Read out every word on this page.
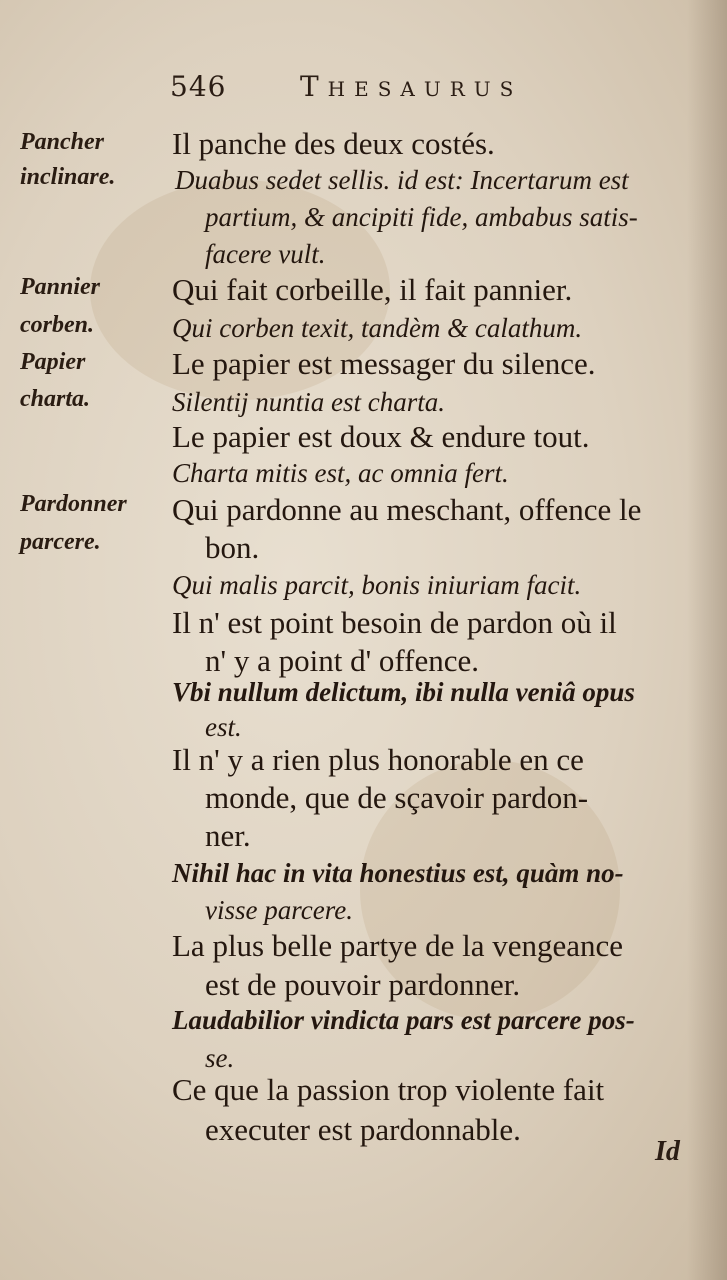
546	Thesaurus
Pancher
inclinare.
Pannier
corben.
Papier
charta.
Pardonner
parcere.
Il panche des deux costés.
Duabus sedet sellis. id est: Incertarum est
partium, & ancipiti fide, ambabus satis-
facere vult.
Qui fait corbeille, il fait pannier.
Qui corben texit, tandèm & calathum.
Le papier est messager du silence.
Silentij nuntia est charta.
Le papier est doux & endure tout.
Charta mitis est, ac omnia fert.
Qui pardonne au meschant, offence le
bon.
Qui malis parcit, bonis iniuriam facit.
Il n' est point besoin de pardon où il
n' y a point d' offence.
Vbi nullum delictum, ibi nulla veniâ opus
est.
Il n' y a rien plus honorable en ce
monde, que de sçavoir pardon-
ner.
Nihil hac in vita honestius est, quàm no-
visse parcere.
La plus belle partye de la vengeance
est de pouvoir pardonner.
Laudabilior vindicta pars est parcere pos-
se.
Ce que la passion trop violente fait
executer est pardonnable.
Id
